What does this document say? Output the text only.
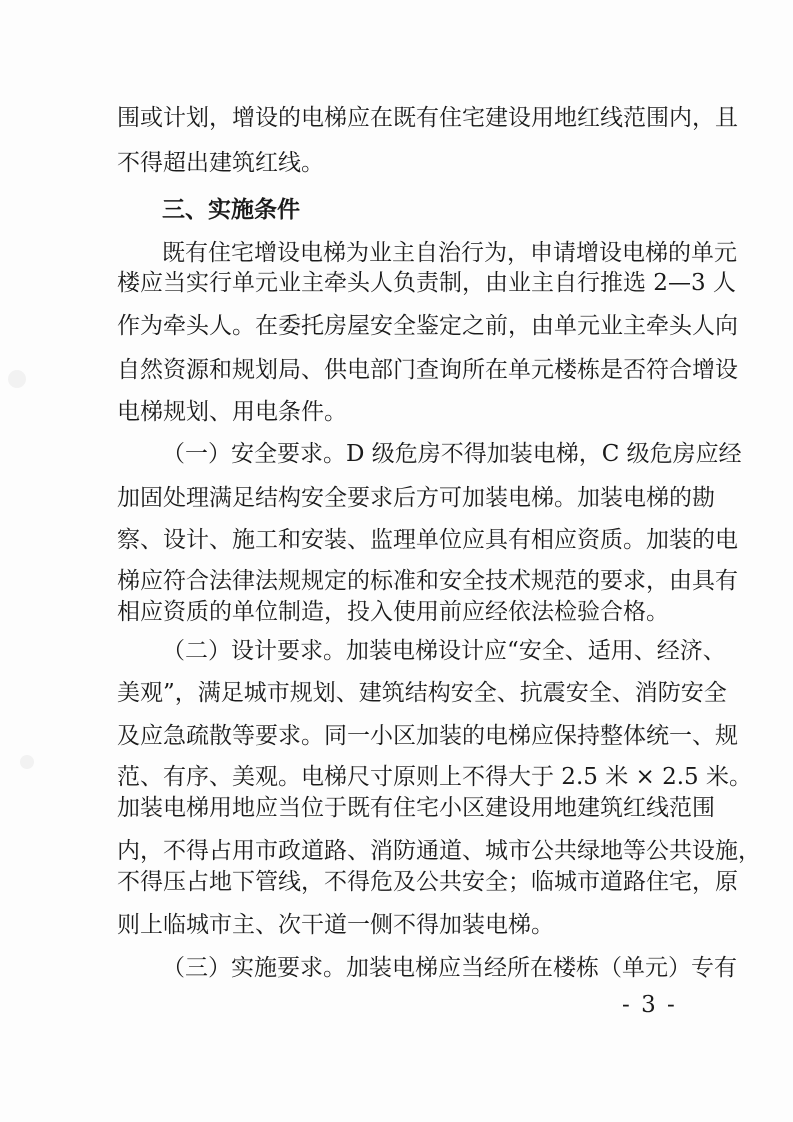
围或计划，增设的电梯应在既有住宅建设用地红线范围内，且
不得超出建筑红线。
三、实施条件
既有住宅增设电梯为业主自治行为，申请增设电梯的单元
楼应当实行单元业主牵头人负责制，由业主自行推选 2—3 人
作为牵头人。在委托房屋安全鉴定之前，由单元业主牵头人向
自然资源和规划局、供电部门查询所在单元楼栋是否符合增设
电梯规划、用电条件。
（一）安全要求。D 级危房不得加装电梯，C 级危房应经
加固处理满足结构安全要求后方可加装电梯。加装电梯的勘
察、设计、施工和安装、监理单位应具有相应资质。加装的电
梯应符合法律法规规定的标准和安全技术规范的要求，由具有
相应资质的单位制造，投入使用前应经依法检验合格。
（二）设计要求。加装电梯设计应“安全、适用、经济、
美观”，满足城市规划、建筑结构安全、抗震安全、消防安全
及应急疏散等要求。同一小区加装的电梯应保持整体统一、规
范、有序、美观。电梯尺寸原则上不得大于 2.5 米 × 2.5 米。
加装电梯用地应当位于既有住宅小区建设用地建筑红线范围
内，不得占用市政道路、消防通道、城市公共绿地等公共设施，
不得压占地下管线，不得危及公共安全；临城市道路住宅，原
则上临城市主、次干道一侧不得加装电梯。
（三）实施要求。加装电梯应当经所在楼栋（单元）专有
- 3 -
